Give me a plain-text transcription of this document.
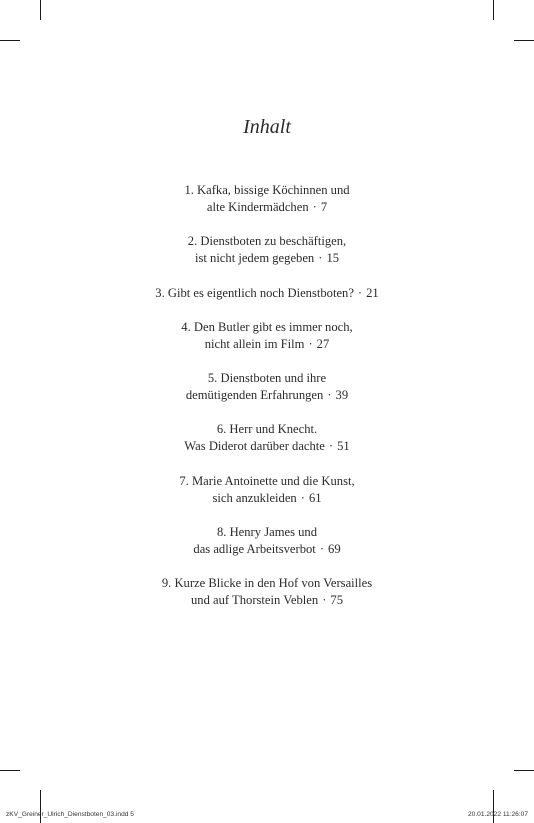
Inhalt
1. Kafka, bissige Köchinnen und
alte Kindermädchen · 7
2. Dienstboten zu beschäftigen,
ist nicht jedem gegeben · 15
3. Gibt es eigentlich noch Dienstboten? · 21
4. Den Butler gibt es immer noch,
nicht allein im Film · 27
5. Dienstboten und ihre
demütigenden Erfahrungen · 39
6. Herr und Knecht.
Was Diderot darüber dachte · 51
7. Marie Antoinette und die Kunst,
sich anzukleiden · 61
8. Henry James und
das adlige Arbeitsverbot · 69
9. Kurze Blicke in den Hof von Versailles
und auf Thorstein Veblen · 75
zKV_Greiner_Ulrich_Dienstboten_03.indd 5	20.01.2022 11:26:07
